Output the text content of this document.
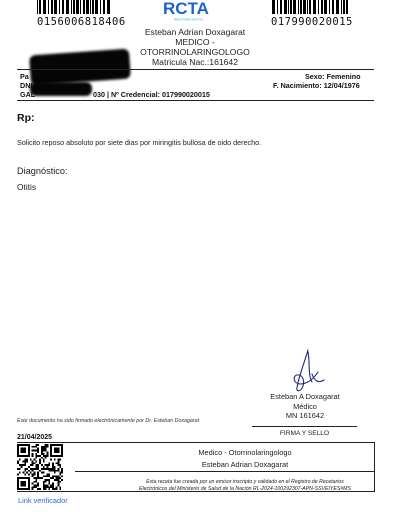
0156006818406	017990020015
RCTA
RECETARIO DIGITAL
Esteban Adrian Doxagarat
MEDICO -
OTORRINOLARINGOLOGO
Matricula Nac.:161642
Pa
DNI
GAL	030 | Nº Credencial: 017990020015
Sexo: Femenino
F. Nacimiento: 12/04/1976
Rp:
Solicito reposo absoluto por siete dias por miringitis bullosa de oido derecho.
Diagnóstico:
Otitis
Esteban A Doxagarat
Médico
MN 161642
Este documento ha sido firmado electrónicamente por Dr. Esteban Doxagarat
FIRMA Y SELLO
21/04/2025
Medico - Otorrinolaringologo
Esteban Adrian Doxagarat
Esta receta fue creada por un emisor inscripto y validado en el Registro de Recetarios
Electrónicos del Ministerio de Salud de la Nación RL-2024-100292307-APN-SSVEIYES#MS
Link verificador
